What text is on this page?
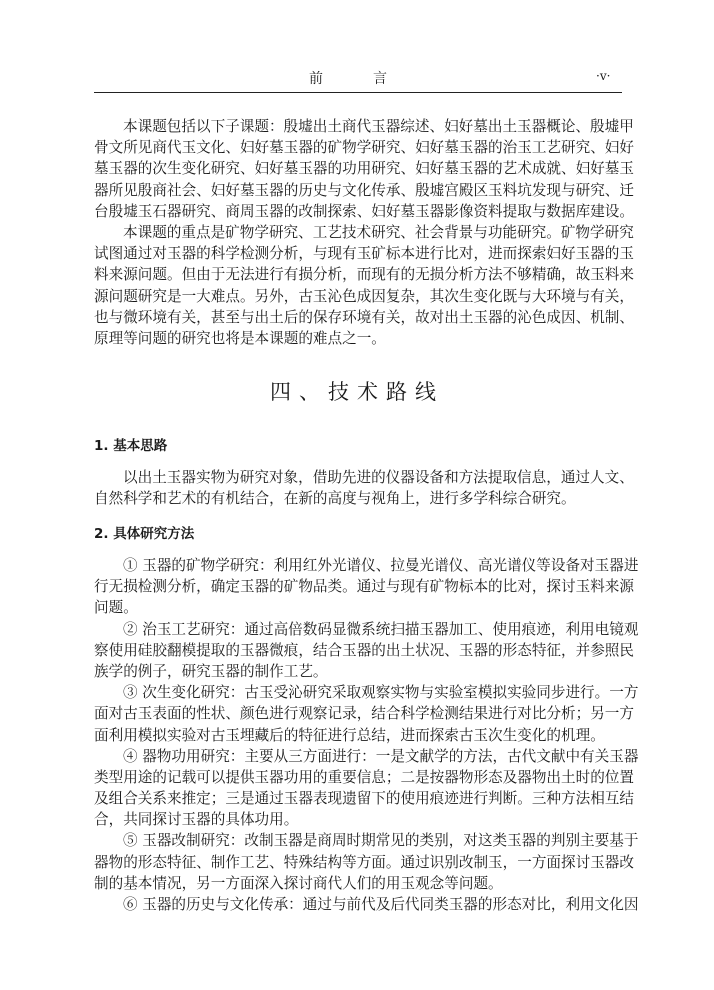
前　言	·v·
本课题包括以下子课题：殷墟出土商代玉器综述、妇好墓出土玉器概论、殷墟甲
骨文所见商代玉文化、妇好墓玉器的矿物学研究、妇好墓玉器的治玉工艺研究、妇好
墓玉器的次生变化研究、妇好墓玉器的功用研究、妇好墓玉器的艺术成就、妇好墓玉
器所见殷商社会、妇好墓玉器的历史与文化传承、殷墟宫殿区玉料坑发现与研究、迁
台殷墟玉石器研究、商周玉器的改制探索、妇好墓玉器影像资料提取与数据库建设。
本课题的重点是矿物学研究、工艺技术研究、社会背景与功能研究。矿物学研究
试图通过对玉器的科学检测分析，与现有玉矿标本进行比对，进而探索妇好玉器的玉
料来源问题。但由于无法进行有损分析，而现有的无损分析方法不够精确，故玉料来
源问题研究是一大难点。另外，古玉沁色成因复杂，其次生变化既与大环境与有关，
也与微环境有关，甚至与出土后的保存环境有关，故对出土玉器的沁色成因、机制、
原理等问题的研究也将是本课题的难点之一。
四、技术路线
1. 基本思路
以出土玉器实物为研究对象，借助先进的仪器设备和方法提取信息，通过人文、
自然科学和艺术的有机结合，在新的高度与视角上，进行多学科综合研究。
2. 具体研究方法
① 玉器的矿物学研究：利用红外光谱仪、拉曼光谱仪、高光谱仪等设备对玉器进
行无损检测分析，确定玉器的矿物品类。通过与现有矿物标本的比对，探讨玉料来源
问题。
② 治玉工艺研究：通过高倍数码显微系统扫描玉器加工、使用痕迹，利用电镜观
察使用硅胶翻模提取的玉器微痕，结合玉器的出土状况、玉器的形态特征，并参照民
族学的例子，研究玉器的制作工艺。
③ 次生变化研究：古玉受沁研究采取观察实物与实验室模拟实验同步进行。一方
面对古玉表面的性状、颜色进行观察记录，结合科学检测结果进行对比分析；另一方
面利用模拟实验对古玉埋藏后的特征进行总结，进而探索古玉次生变化的机理。
④ 器物功用研究：主要从三方面进行：一是文献学的方法，古代文献中有关玉器
类型用途的记载可以提供玉器功用的重要信息；二是按器物形态及器物出土时的位置
及组合关系来推定；三是通过玉器表现遗留下的使用痕迹进行判断。三种方法相互结
合，共同探讨玉器的具体功用。
⑤ 玉器改制研究：改制玉器是商周时期常见的类别，对这类玉器的判别主要基于
器物的形态特征、制作工艺、特殊结构等方面。通过识别改制玉，一方面探讨玉器改
制的基本情况，另一方面深入探讨商代人们的用玉观念等问题。
⑥ 玉器的历史与文化传承：通过与前代及后代同类玉器的形态对比，利用文化因
